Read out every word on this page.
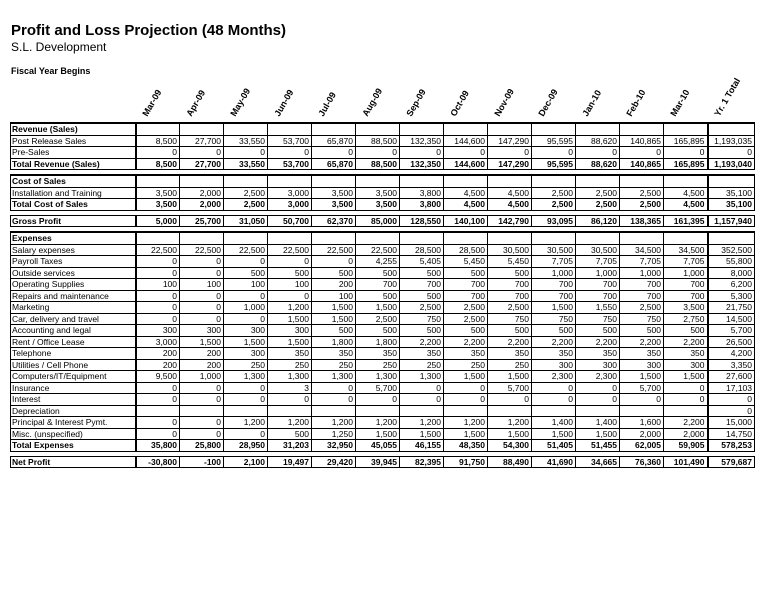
Profit and Loss Projection (48 Months)
S.L. Development
Fiscal Year Begins
Mar-09 Apr-09 May-09 Jun-09 Jul-09 Aug-09 Sep-09 Oct-09 Nov-09 Dec-09 Jan-10 Feb-10 Mar-10 Yr. 1 Total
Revenue (Sales)														
Post Release Sales	8,500	27,700	33,550	53,700	65,870	88,500	132,350	144,600	147,290	95,595	88,620	140,865	165,895	1,193,035
Pre-Sales	0	0	0	0	0	0	0	0	0	0	0	0	0	0
Total Revenue (Sales)	8,500	27,700	33,550	53,700	65,870	88,500	132,350	144,600	147,290	95,595	88,620	140,865	165,895	1,193,040

Cost of Sales														
Installation and Training	3,500	2,000	2,500	3,000	3,500	3,500	3,800	4,500	4,500	2,500	2,500	2,500	4,500	35,100
Total Cost of Sales	3,500	2,000	2,500	3,000	3,500	3,500	3,800	4,500	4,500	2,500	2,500	2,500	4,500	35,100

Gross Profit	5,000	25,700	31,050	50,700	62,370	85,000	128,550	140,100	142,790	93,095	86,120	138,365	161,395	1,157,940

Expenses														
Salary expenses	22,500	22,500	22,500	22,500	22,500	22,500	28,500	28,500	30,500	30,500	30,500	34,500	34,500	352,500
Payroll Taxes	0	0	0	0	0	4,255	5,405	5,450	5,450	7,705	7,705	7,705	7,705	55,800
Outside services	0	0	500	500	500	500	500	500	500	1,000	1,000	1,000	1,000	8,000
Operating Supplies	100	100	100	100	200	700	700	700	700	700	700	700	700	6,200
Repairs and maintenance	0	0	0	0	100	500	500	700	700	700	700	700	700	5,300
Marketing	0	0	1,000	1,200	1,500	1,500	2,500	2,500	2,500	1,500	1,550	2,500	3,500	21,750
Car, delivery and travel	0	0	0	1,500	1,500	2,500	750	2,500	750	750	750	750	2,750	14,500
Accounting and legal	300	300	300	300	500	500	500	500	500	500	500	500	500	5,700
Rent / Office Lease	3,000	1,500	1,500	1,500	1,800	1,800	2,200	2,200	2,200	2,200	2,200	2,200	2,200	26,500
Telephone	200	200	300	350	350	350	350	350	350	350	350	350	350	4,200
Utilities / Cell Phone	200	200	250	250	250	250	250	250	250	300	300	300	300	3,350
Computers/IT/Equipment	9,500	1,000	1,300	1,300	1,300	1,300	1,300	1,500	1,500	2,300	2,300	1,500	1,500	27,600
Insurance	0	0	0	3	0	5,700	0	0	5,700	0	0	5,700	0	17,103
Interest	0	0	0	0	0	0	0	0	0	0	0	0	0	0
Depreciation														0
Principal & Interest Pymt.	0	0	1,200	1,200	1,200	1,200	1,200	1,200	1,200	1,400	1,400	1,600	2,200	15,000
Misc. (unspecified)	0	0	0	500	1,250	1,500	1,500	1,500	1,500	1,500	1,500	2,000	2,000	14,750
Total Expenses	35,800	25,800	28,950	31,203	32,950	45,055	46,155	48,350	54,300	51,405	51,455	62,005	59,905	578,253

Net Profit	-30,800	-100	2,100	19,497	29,420	39,945	82,395	91,750	88,490	41,690	34,665	76,360	101,490	579,687
